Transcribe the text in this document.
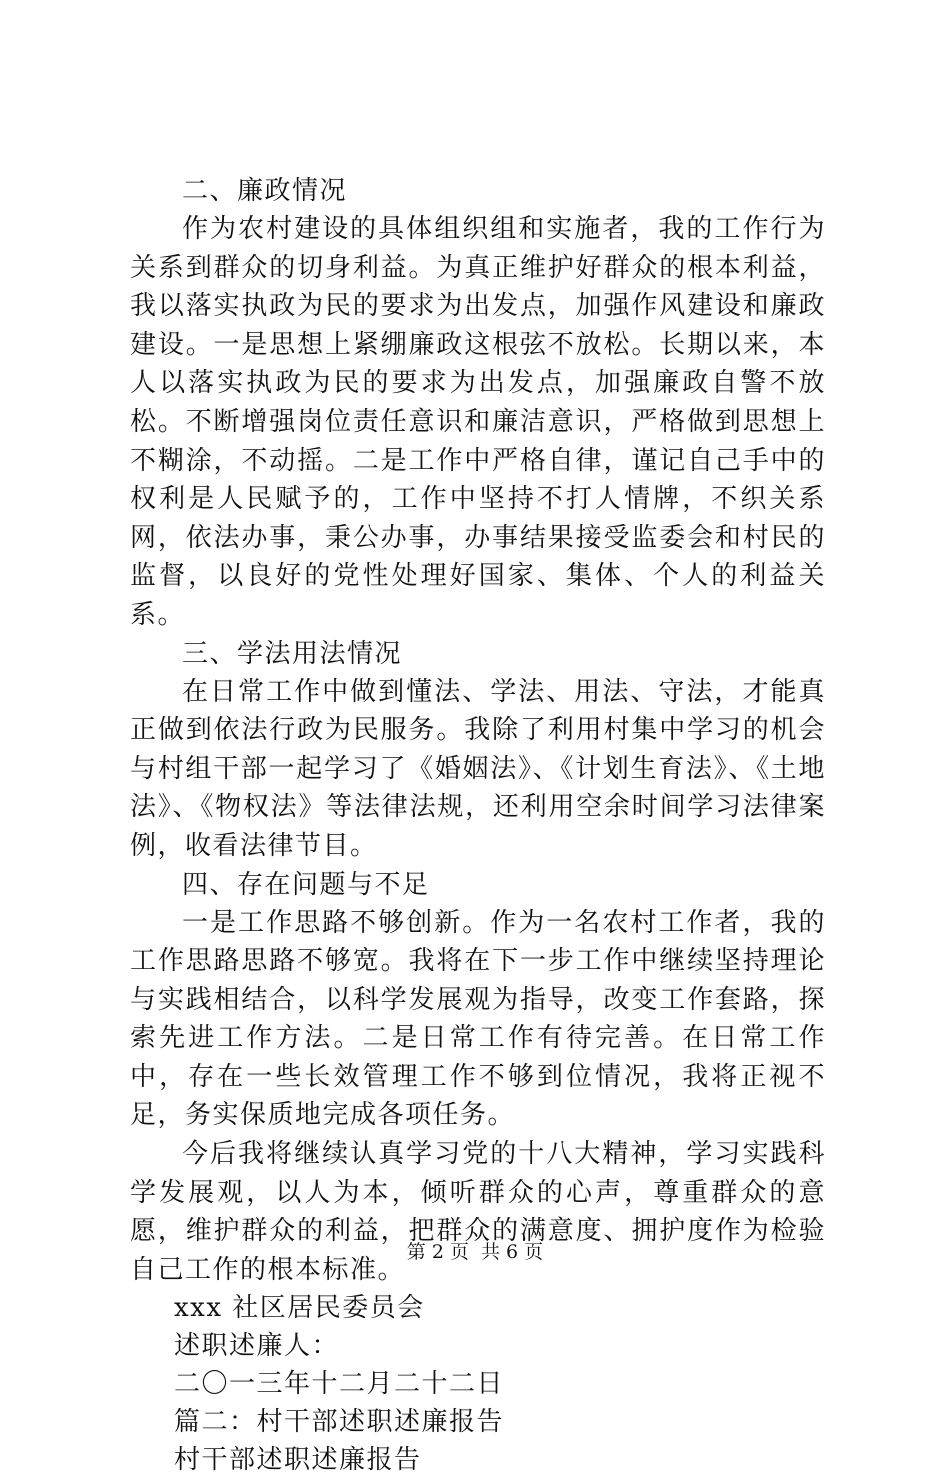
二、廉政情况

作为农村建设的具体组织组和实施者，我的工作行为关系到群众的切身利益。为真正维护好群众的根本利益，我以落实执政为民的要求为出发点，加强作风建设和廉政建设。一是思想上紧绷廉政这根弦不放松。长期以来，本人以落实执政为民的要求为出发点，加强廉政自警不放松。不断增强岗位责任意识和廉洁意识，严格做到思想上不糊涂，不动摇。二是工作中严格自律，谨记自己手中的权利是人民赋予的，工作中坚持不打人情牌，不织关系网，依法办事，秉公办事，办事结果接受监委会和村民的监督，以良好的党性处理好国家、集体、个人的利益关系。

三、学法用法情况

在日常工作中做到懂法、学法、用法、守法，才能真正做到依法行政为民服务。我除了利用村集中学习的机会与村组干部一起学习了《婚姻法》、《计划生育法》、《土地法》、《物权法》等法律法规，还利用空余时间学习法律案例，收看法律节目。

四、存在问题与不足

一是工作思路不够创新。作为一名农村工作者，我的工作思路思路不够宽。我将在下一步工作中继续坚持理论与实践相结合，以科学发展观为指导，改变工作套路，探索先进工作方法。二是日常工作有待完善。在日常工作中，存在一些长效管理工作不够到位情况，我将正视不足，务实保质地完成各项任务。

今后我将继续认真学习党的十八大精神，学习实践科学发展观，以人为本，倾听群众的心声，尊重群众的意愿，维护群众的利益，把群众的满意度、拥护度作为检验自己工作的根本标准。

xxx 社区居民委员会
述职述廉人：
二〇一三年十二月二十二日
篇二：村干部述职述廉报告
村干部述职述廉报告
第 2 页 共 6 页
